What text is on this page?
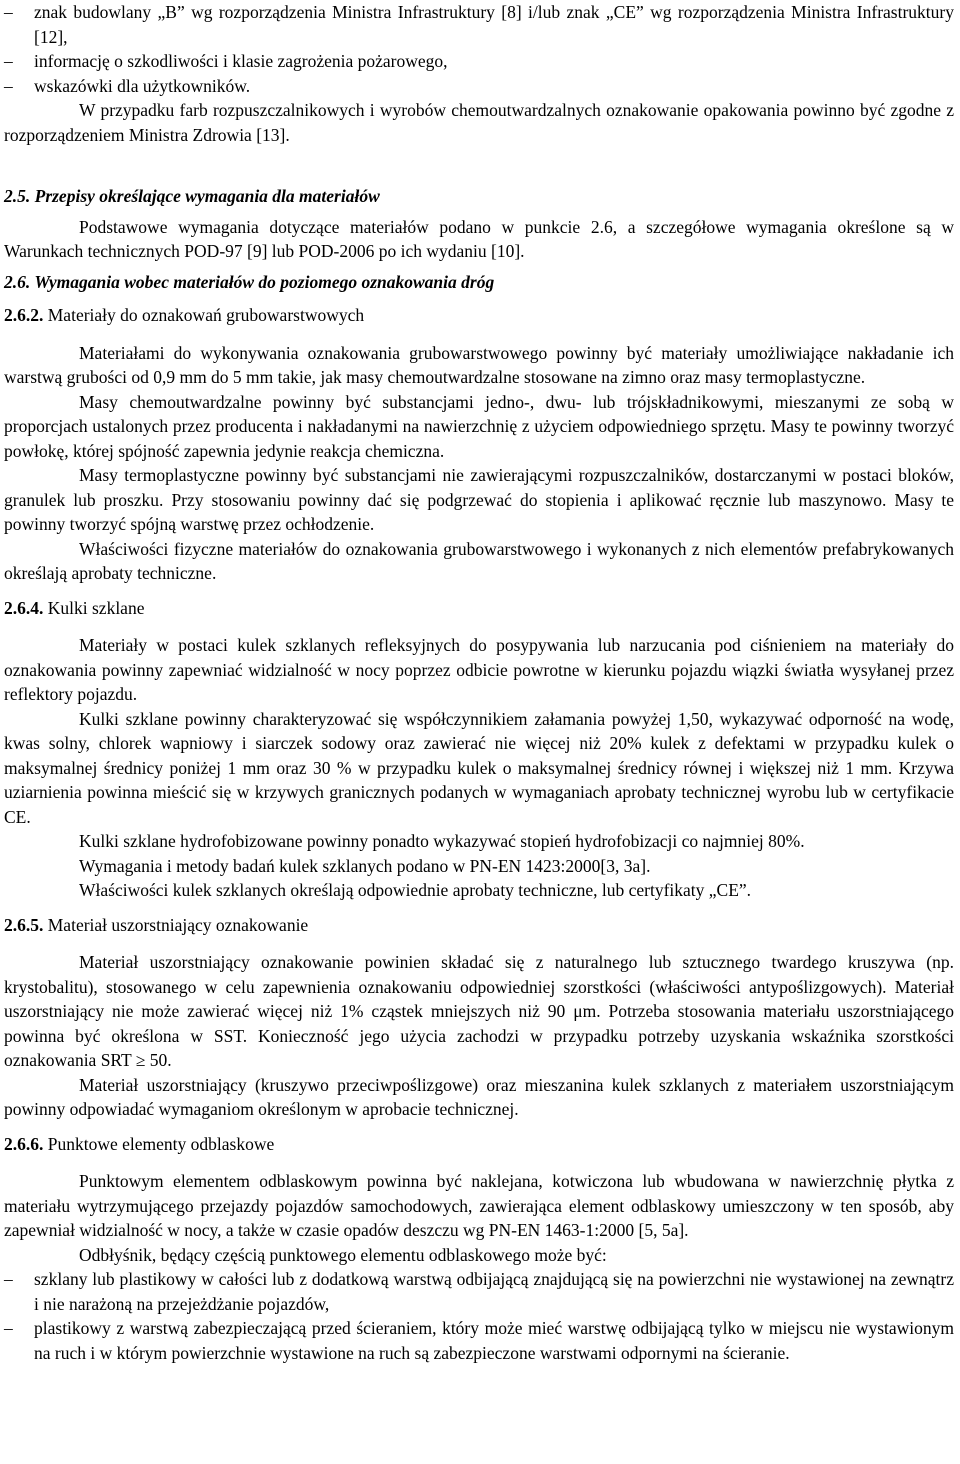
– znak budowlany „B” wg rozporządzenia Ministra Infrastruktury [8] i/lub znak „CE” wg rozporządzenia Ministra Infrastruktury [12],
– informację o szkodliwości i klasie zagrożenia pożarowego,
– wskazówki dla użytkowników.

W przypadku farb rozpuszczalnikowych i wyrobów chemoutwardzalnych oznakowanie opakowania powinno być zgodne z rozporządzeniem Ministra Zdrowia [13].

2.5. Przepisy określające wymagania dla materiałów

Podstawowe wymagania dotyczące materiałów podano w punkcie 2.6, a szczegółowe wymagania określone są w Warunkach technicznych POD-97 [9] lub POD-2006 po ich wydaniu [10].

2.6. Wymagania wobec materiałów do poziomego oznakowania dróg

2.6.2. Materiały do oznakowań grubowarstwowych

Materiałami do wykonywania oznakowania grubowarstwowego powinny być materiały umożliwiające nakładanie ich warstwą grubości od 0,9 mm do 5 mm takie, jak masy chemoutwardzalne stosowane na zimno oraz masy termoplastyczne.

Masy chemoutwardzalne powinny być substancjami jedno-, dwu- lub trójskładnikowymi, mieszanymi ze sobą w proporcjach ustalonych przez producenta i nakładanymi na nawierzchnię z użyciem odpowiedniego sprzętu. Masy te powinny tworzyć powłokę, której spójność zapewnia jedynie reakcja chemiczna.

Masy termoplastyczne powinny być substancjami nie zawierającymi rozpuszczalników, dostarczanymi w postaci bloków, granulek lub proszku. Przy stosowaniu powinny dać się podgrzewać do stopienia i aplikować ręcznie lub maszynowo. Masy te powinny tworzyć spójną warstwę przez ochłodzenie.

Właściwości fizyczne materiałów do oznakowania grubowarstwowego i wykonanych z nich elementów prefabrykowanych określają aprobaty techniczne.

2.6.4. Kulki szklane

Materiały w postaci kulek szklanych refleksyjnych do posypywania lub narzucania pod ciśnieniem na materiały do oznakowania powinny zapewniać widzialność w nocy poprzez odbicie powrotne w kierunku pojazdu wiązki światła wysyłanej przez reflektory pojazdu.

Kulki szklane powinny charakteryzować się współczynnikiem załamania powyżej 1,50, wykazywać odporność na wodę, kwas solny, chlorek wapniowy i siarczek sodowy oraz zawierać nie więcej niż 20% kulek z defektami w przypadku kulek o maksymalnej średnicy poniżej 1 mm oraz 30 % w przypadku kulek o maksymalnej średnicy równej i większej niż 1 mm. Krzywa uziarnienia powinna mieścić się w krzywych granicznych podanych w wymaganiach aprobaty technicznej wyrobu lub w certyfikacie CE.

Kulki szklane hydrofobizowane powinny ponadto wykazywać stopień hydrofobizacji co najmniej 80%.

Wymagania i metody badań kulek szklanych podano w PN-EN 1423:2000[3, 3a].

Właściwości kulek szklanych określają odpowiednie aprobaty techniczne, lub certyfikaty „CE”.

2.6.5. Materiał uszorstniający oznakowanie

Materiał uszorstniający oznakowanie powinien składać się z naturalnego lub sztucznego twardego kruszywa (np. krystobalitu), stosowanego w celu zapewnienia oznakowaniu odpowiedniej szorstkości (właściwości antypoślizgowych). Materiał uszorstniający nie może zawierać więcej niż 1% cząstek mniejszych niż 90 μm. Potrzeba stosowania materiału uszorstniającego powinna być określona w SST. Konieczność jego użycia zachodzi w przypadku potrzeby uzyskania wskaźnika szorstkości oznakowania SRT ≥ 50.

Materiał uszorstniający (kruszywo przeciwpoślizgowe) oraz mieszanina kulek szklanych z materiałem uszorstniającym powinny odpowiadać wymaganiom określonym w aprobacie technicznej.

2.6.6. Punktowe elementy odblaskowe

Punktowym elementem odblaskowym powinna być naklejana, kotwiczona lub wbudowana w nawierzchnię płytka z materiału wytrzymującego przejazdy pojazdów samochodowych, zawierająca element odblaskowy umieszczony w ten sposób, aby zapewniał widzialność w nocy, a także w czasie opadów deszczu wg PN-EN 1463-1:2000 [5, 5a].

Odbłyśnik, będący częścią punktowego elementu odblaskowego może być:

– szklany lub plastikowy w całości lub z dodatkową warstwą odbijającą znajdującą się na powierzchni nie wystawionej na zewnątrz i nie narażoną na przejeżdżanie pojazdów,
– plastikowy z warstwą zabezpieczającą przed ścieraniem, który może mieć warstwę odbijającą tylko w miejscu nie wystawionym na ruch i w którym powierzchnie wystawione na ruch są zabezpieczone warstwami odpornymi na ścieranie.
